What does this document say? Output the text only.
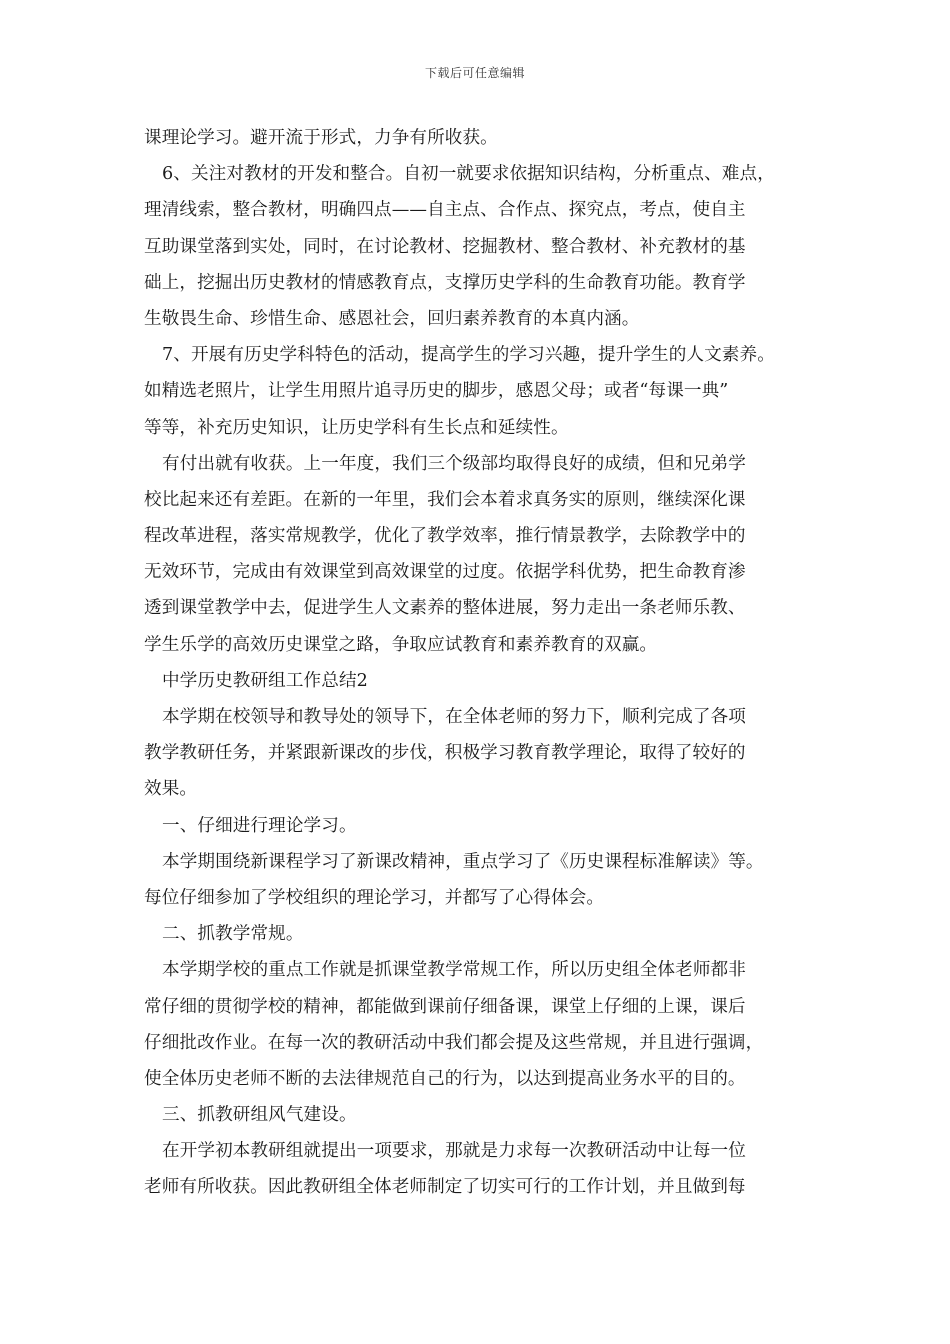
下载后可任意编辑
课理论学习。避开流于形式，力争有所收获。
6、关注对教材的开发和整合。自初一就要求依据知识结构，分析重点、难点，
理清线索，整合教材，明确四点——自主点、合作点、探究点，考点，使自主
互助课堂落到实处，同时，在讨论教材、挖掘教材、整合教材、补充教材的基
础上，挖掘出历史教材的情感教育点，支撑历史学科的生命教育功能。教育学
生敬畏生命、珍惜生命、感恩社会，回归素养教育的本真内涵。
7、开展有历史学科特色的活动，提高学生的学习兴趣，提升学生的人文素养。
如精选老照片，让学生用照片追寻历史的脚步，感恩父母；或者“每课一典”
等等，补充历史知识，让历史学科有生长点和延续性。
有付出就有收获。上一年度，我们三个级部均取得良好的成绩，但和兄弟学
校比起来还有差距。在新的一年里，我们会本着求真务实的原则，继续深化课
程改革进程，落实常规教学，优化了教学效率，推行情景教学，去除教学中的
无效环节，完成由有效课堂到高效课堂的过度。依据学科优势，把生命教育渗
透到课堂教学中去，促进学生人文素养的整体进展，努力走出一条老师乐教、
学生乐学的高效历史课堂之路，争取应试教育和素养教育的双赢。
中学历史教研组工作总结2
本学期在校领导和教导处的领导下，在全体老师的努力下，顺利完成了各项
教学教研任务，并紧跟新课改的步伐，积极学习教育教学理论，取得了较好的
效果。
一、仔细进行理论学习。
本学期围绕新课程学习了新课改精神，重点学习了《历史课程标准解读》等。
每位仔细参加了学校组织的理论学习，并都写了心得体会。
二、抓教学常规。
本学期学校的重点工作就是抓课堂教学常规工作，所以历史组全体老师都非
常仔细的贯彻学校的精神，都能做到课前仔细备课，课堂上仔细的上课，课后
仔细批改作业。在每一次的教研活动中我们都会提及这些常规，并且进行强调，
使全体历史老师不断的去法律规范自己的行为，以达到提高业务水平的目的。
三、抓教研组风气建设。
在开学初本教研组就提出一项要求，那就是力求每一次教研活动中让每一位
老师有所收获。因此教研组全体老师制定了切实可行的工作计划，并且做到每
